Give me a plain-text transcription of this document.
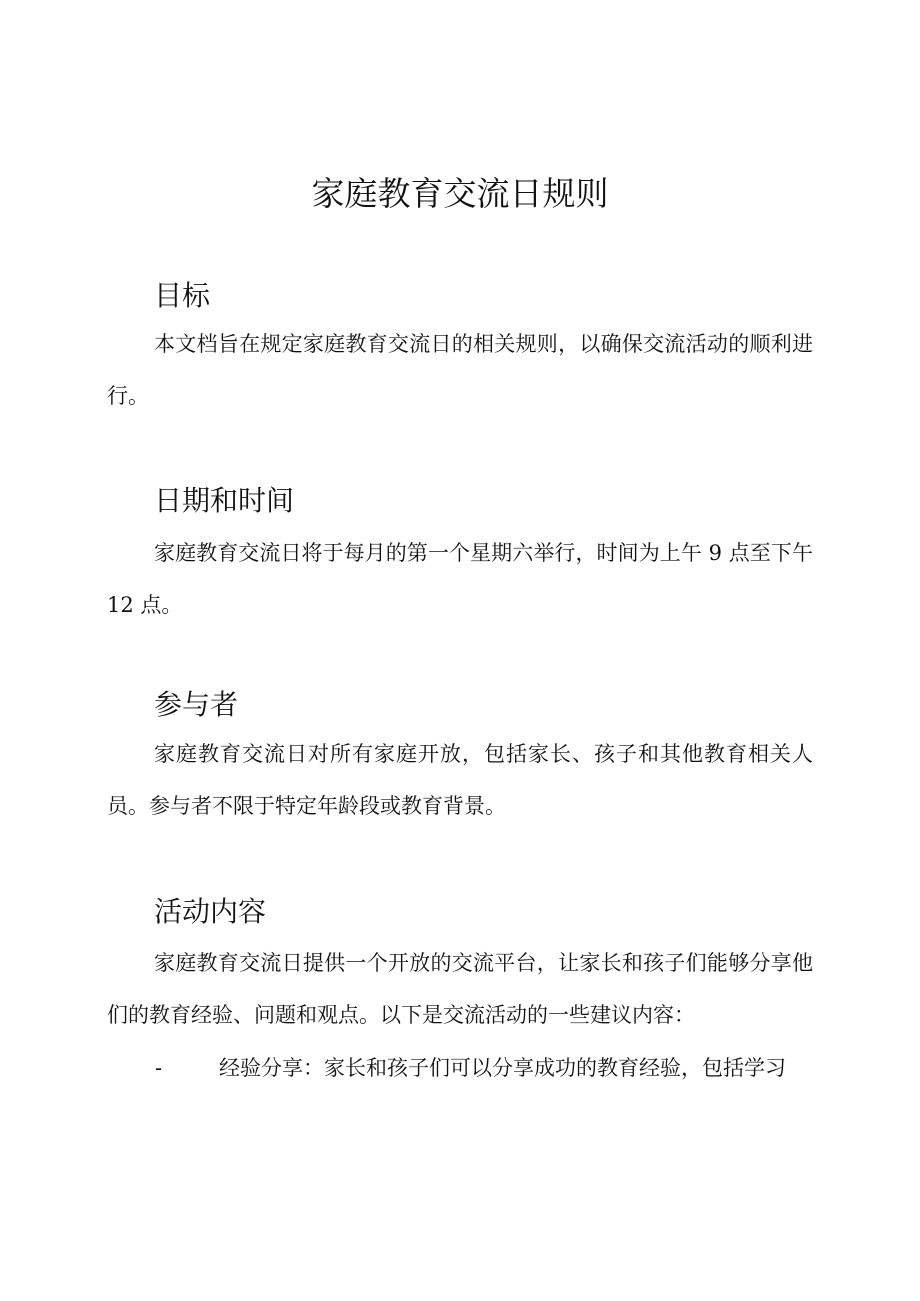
家庭教育交流日规则
目标

本文档旨在规定家庭教育交流日的相关规则，以确保交流活动的顺利进行。

日期和时间

家庭教育交流日将于每月的第一个星期六举行，时间为上午 9 点至下午 12 点。

参与者

家庭教育交流日对所有家庭开放，包括家长、孩子和其他教育相关人员。参与者不限于特定年龄段或教育背景。

活动内容

家庭教育交流日提供一个开放的交流平台，让家长和孩子们能够分享他们的教育经验、问题和观点。以下是交流活动的一些建议内容：

-	经验分享：家长和孩子们可以分享成功的教育经验，包括学习
